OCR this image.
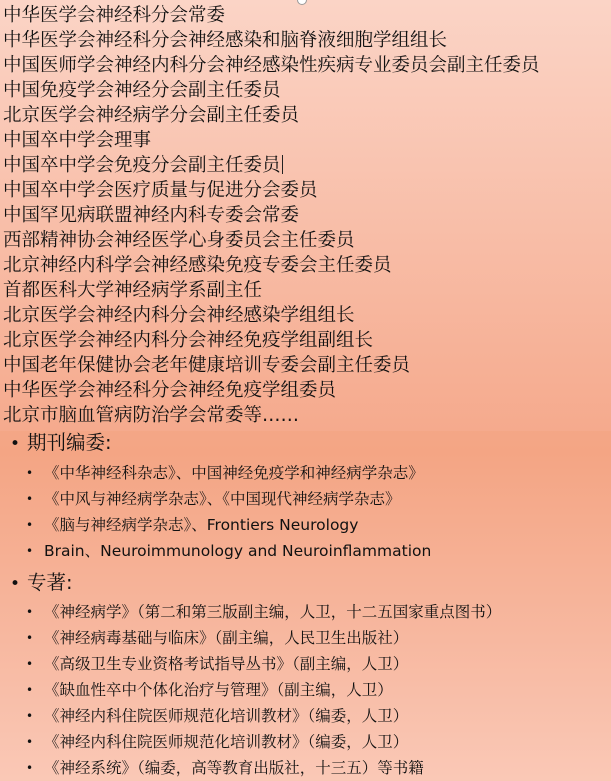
中华医学会神经科分会常委
中华医学会神经科分会神经感染和脑脊液细胞学组组长
中国医师学会神经内科分会神经感染性疾病专业委员会副主任委员
中国免疫学会神经分会副主任委员
北京医学会神经病学分会副主任委员
中国卒中学会理事
中国卒中学会免疫分会副主任委员
中国卒中学会医疗质量与促进分会委员
中国罕见病联盟神经内科专委会常委
西部精神协会神经医学心身委员会主任委员
北京神经内科学会神经感染免疫专委会主任委员
首都医科大学神经病学系副主任
北京医学会神经内科分会神经感染学组组长
北京医学会神经内科分会神经免疫学组副组长
中国老年保健协会老年健康培训专委会副主任委员
中华医学会神经科分会神经免疫学组委员
北京市脑血管病防治学会常委等……
• 期刊编委:
• 《中华神经科杂志》、中国神经免疫学和神经病学杂志》
• 《中风与神经病学杂志》、《中国现代神经病学杂志》
• 《脑与神经病学杂志》、Frontiers Neurology
• Brain、Neuroimmunology and Neuroinflammation
• 专著:
• 《神经病学》（第二和第三版副主编，人卫，十二五国家重点图书）
• 《神经病毒基础与临床》（副主编，人民卫生出版社）
• 《高级卫生专业资格考试指导丛书》（副主编，人卫）
• 《缺血性卒中个体化治疗与管理》（副主编，人卫）
• 《神经内科住院医师规范化培训教材》（编委，人卫）
• 《神经内科住院医师规范化培训教材》（编委，人卫）
• 《神经系统》（编委，高等教育出版社，十三五）等书籍
